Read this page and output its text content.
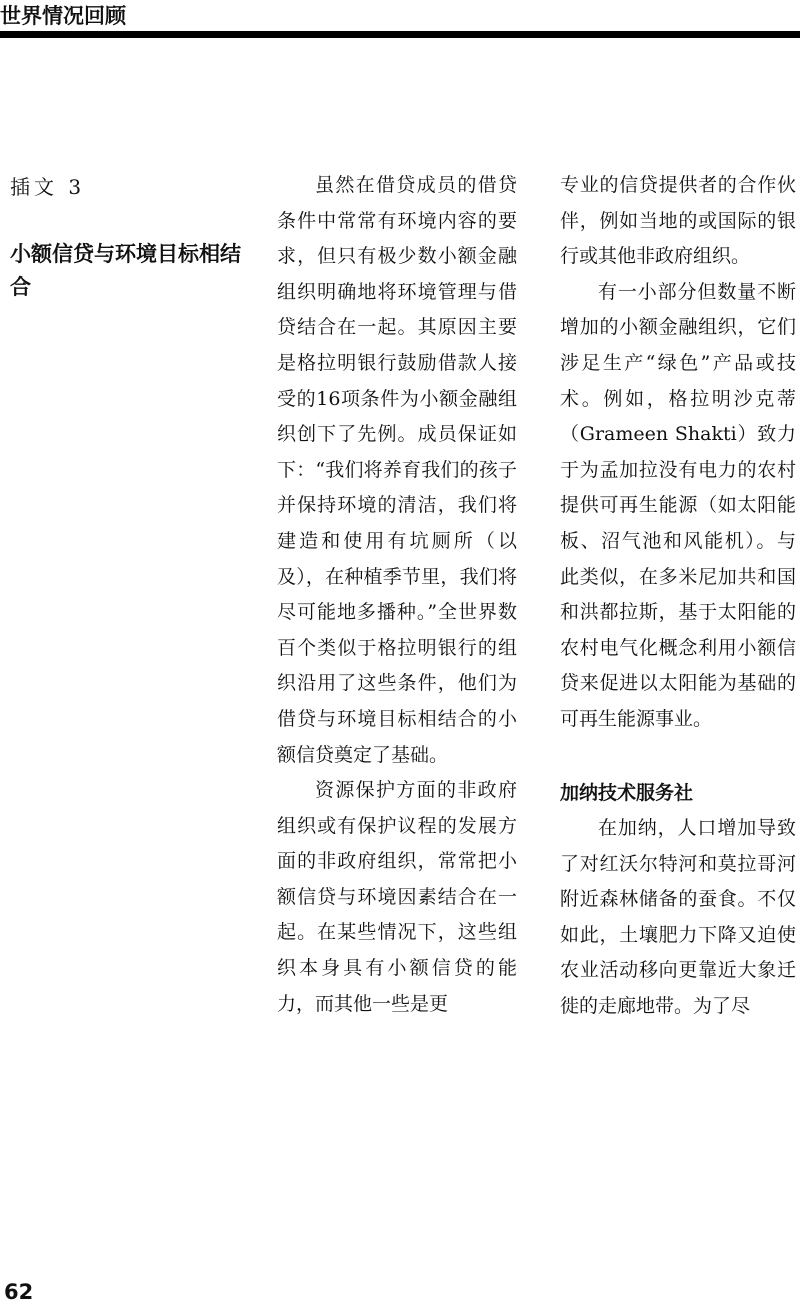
世界情况回顾
插文 3
小额信贷与环境目标相结合

虽然在借贷成员的借贷条件中常常有环境内容的要求，但只有极少数小额金融组织明确地将环境管理与借贷结合在一起。其原因主要是格拉明银行鼓励借款人接受的16项条件为小额金融组织创下了先例。成员保证如下：“我们将养育我们的孩子并保持环境的清洁，我们将建造和使用有坑厕所（以及），在种植季节里，我们将尽可能地多播种。”全世界数百个类似于格拉明银行的组织沿用了这些条件，他们为借贷与环境目标相结合的小额信贷奠定了基础。

资源保护方面的非政府组织或有保护议程的发展方面的非政府组织，常常把小额信贷与环境因素结合在一起。在某些情况下，这些组织本身具有小额信贷的能力，而其他一些是更

专业的信贷提供者的合作伙伴，例如当地的或国际的银行或其他非政府组织。

有一小部分但数量不断增加的小额金融组织，它们涉足生产“绿色”产品或技术。例如，格拉明沙克蒂（Grameen Shakti）致力于为孟加拉没有电力的农村提供可再生能源（如太阳能板、沼气池和风能机）。与此类似，在多米尼加共和国和洪都拉斯，基于太阳能的农村电气化概念利用小额信贷来促进以太阳能为基础的可再生能源事业。

加纳技术服务社

在加纳，人口增加导致了对红沃尔特河和莫拉哥河附近森林储备的蚕食。不仅如此，土壤肥力下降又迫使农业活动移向更靠近大象迁徙的走廊地带。为了尽

62
